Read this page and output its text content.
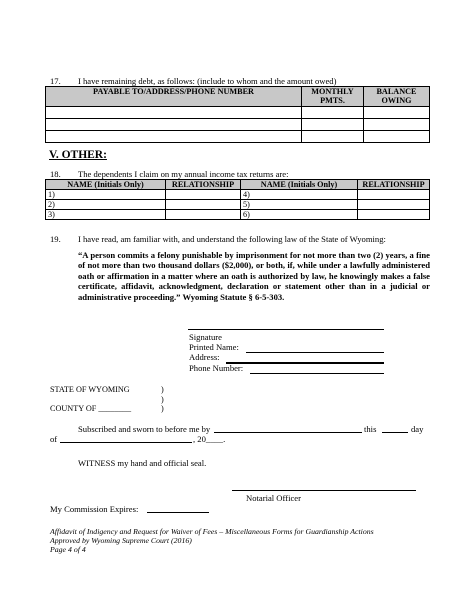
17. I have remaining debt, as follows: (include to whom and the amount owed)
PAYABLE TO/ADDRESS/PHONE NUMBER	MONTHLY PMTS.	BALANCE OWING

V. OTHER:
18. The dependents I claim on my annual income tax returns are:
NAME (Initials Only)	RELATIONSHIP	NAME (Initials Only)	RELATIONSHIP
1)		4)	
2)		5)	
3)		6)	
19. I have read, am familiar with, and understand the following law of the State of Wyoming:
“A person commits a felony punishable by imprisonment for not more than two (2) years, a fine of not more than two thousand dollars ($2,000), or both, if, while under a lawfully administered oath or affirmation in a matter where an oath is authorized by law, he knowingly makes a false certificate, affidavit, acknowledgment, declaration or statement other than in a judicial or administrative proceeding.” Wyoming Statute § 6-5-303.
Signature
Printed Name:
Address:
Phone Number:
STATE OF WYOMING	)
)
COUNTY OF ________	)
Subscribed and sworn to before me by	this	day
of	, 20____.
WITNESS my hand and official seal.
Notarial Officer
My Commission Expires:
Affidavit of Indigency and Request for Waiver of Fees – Miscellaneous Forms for Guardianship Actions
Approved by Wyoming Supreme Court (2016)
Page 4 of 4
